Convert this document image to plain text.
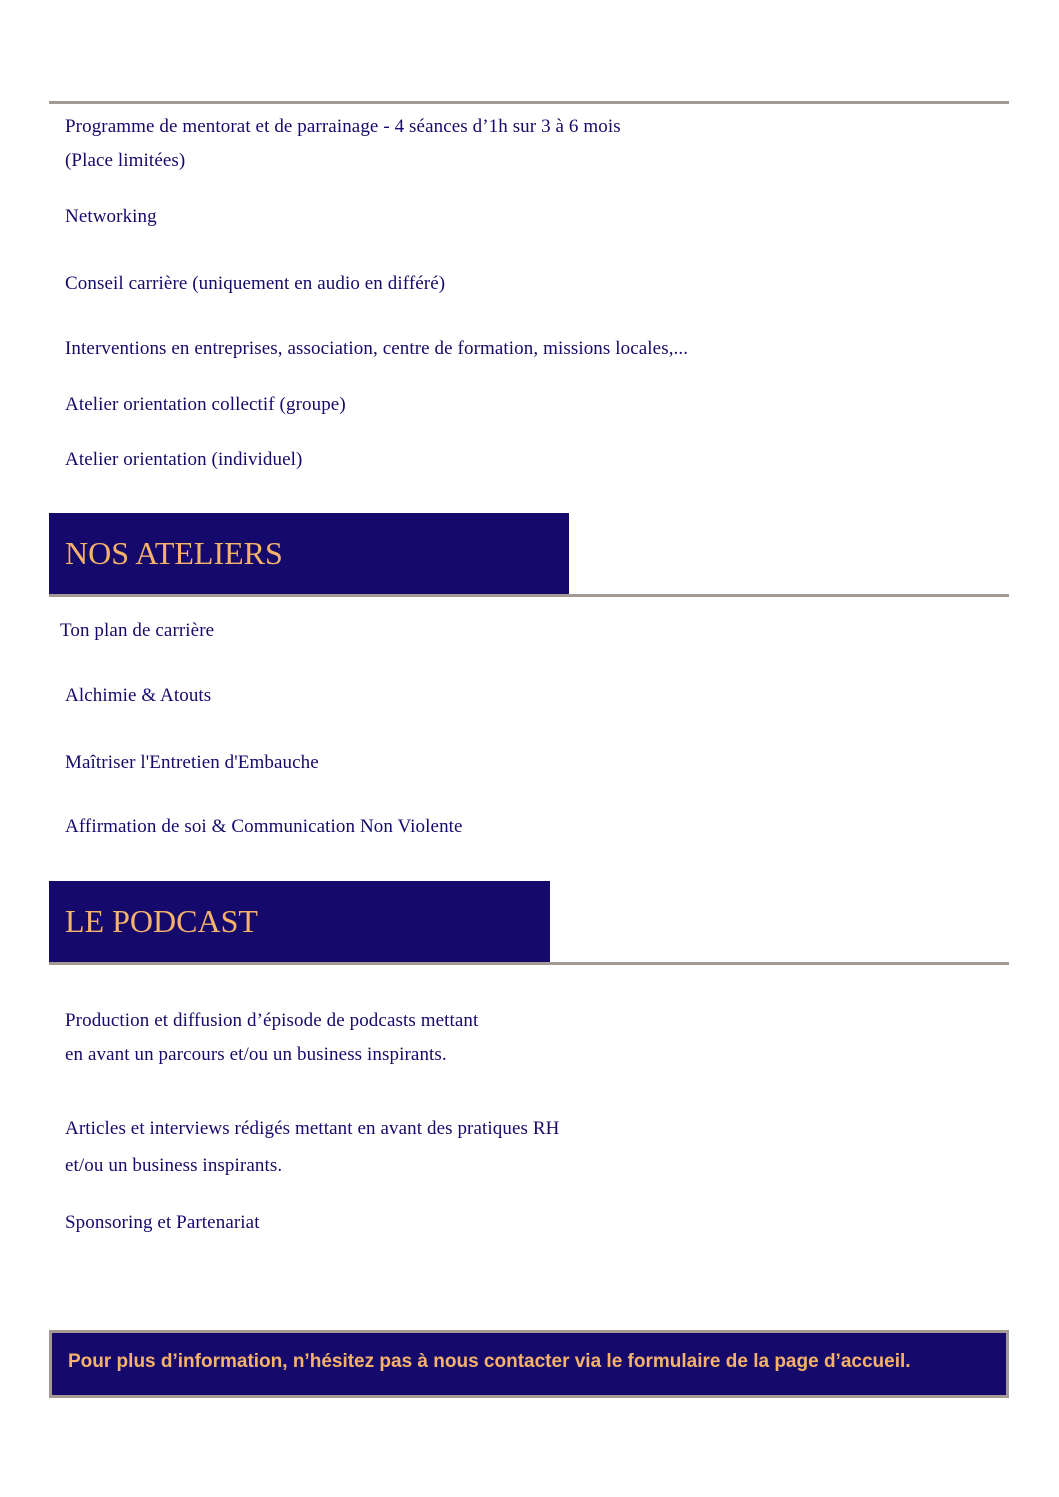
Programme de mentorat et de parrainage - 4 séances d’1h sur 3 à 6 mois
(Place limitées)
Networking
Conseil carrière (uniquement en audio en différé)
Interventions en entreprises, association, centre de formation, missions locales,...
Atelier orientation collectif (groupe)
Atelier orientation (individuel)
NOS ATELIERS
Ton plan de carrière
Alchimie & Atouts
Maîtriser l'Entretien d'Embauche
Affirmation de soi & Communication Non Violente
LE PODCAST
Production et diffusion d’épisode de podcasts mettant
en avant un parcours et/ou un business inspirants.
Articles et interviews rédigés mettant en avant des pratiques RH
et/ou un business inspirants.
Sponsoring et Partenariat
Pour plus d’information, n’hésitez pas à nous contacter via le formulaire de la page d’accueil.
